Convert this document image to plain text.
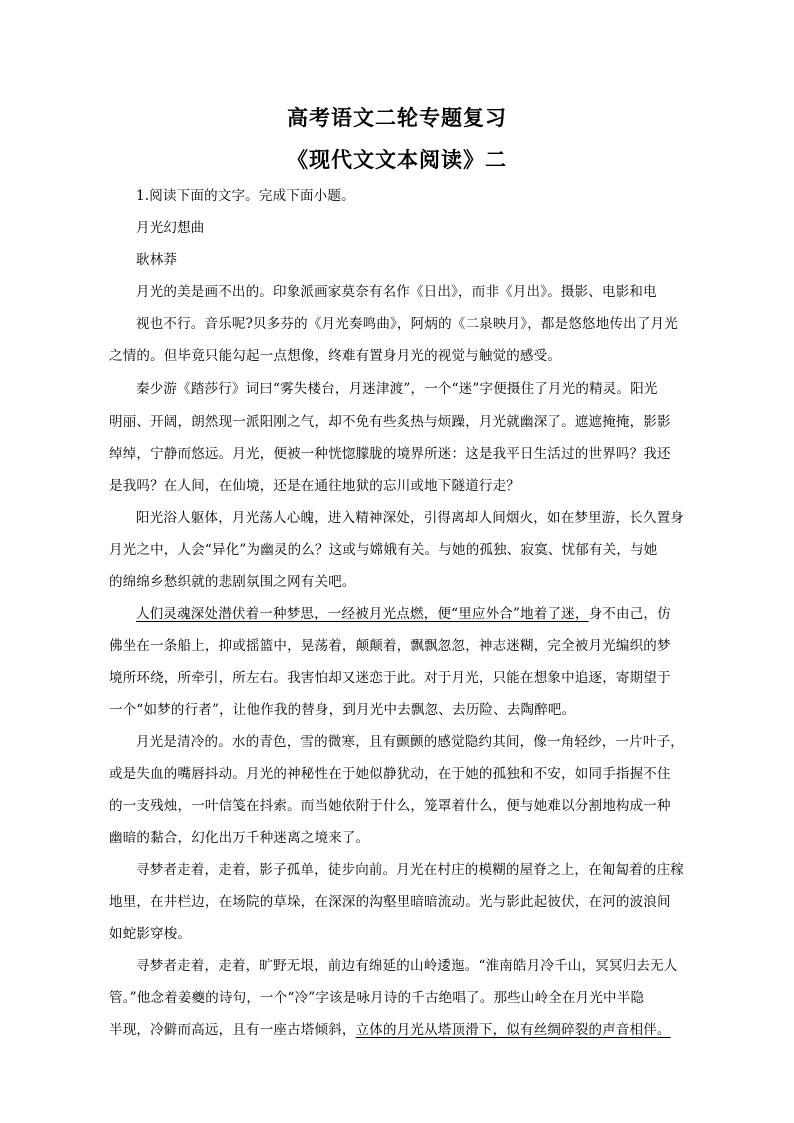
高考语文二轮专题复习
《现代文文本阅读》二
1.阅读下面的文字。完成下面小题。
月光幻想曲
耿林莽
月光的美是画不出的。印象派画家莫奈有名作《日出》，而非《月出》。摄影、电影和电
视也不行。音乐呢?贝多芬的《月光奏鸣曲》，阿炳的《二泉映月》，都是悠悠地传出了月光
之情的。但毕竟只能勾起一点想像，终难有置身月光的视觉与触觉的感受。
秦少游《踏莎行》词曰“雾失楼台，月迷津渡”，一个“迷”字便摄住了月光的精灵。阳光
明丽、开阔，朗然现一派阳刚之气，却不免有些炙热与烦躁，月光就幽深了。遮遮掩掩，影影
绰绰，宁静而悠远。月光，便被一种恍惚朦胧的境界所迷：这是我平日生活过的世界吗？我还
是我吗？在人间，在仙境，还是在通往地狱的忘川或地下隧道行走？
阳光浴人躯体，月光荡人心魄，进入精神深处，引得离却人间烟火，如在梦里游，长久置身
月光之中，人会“异化”为幽灵的么？这或与嫦娥有关。与她的孤独、寂寞、忧郁有关，与她
的绵绵乡愁织就的悲剧氛围之网有关吧。
人们灵魂深处潜伏着一种梦思，一经被月光点燃，便“里应外合”地着了迷，身不由己，仿
佛坐在一条船上，抑或摇篮中，晃荡着，颠颠着，飘飘忽忽，神志迷糊，完全被月光编织的梦
境所环绕，所牵引，所左右。我害怕却又迷恋于此。对于月光，只能在想象中追逐，寄期望于
一个“如梦的行者”，让他作我的替身，到月光中去飘忽、去历险、去陶醉吧。
月光是清冷的。水的青色，雪的微寒，且有颤颤的感觉隐约其间，像一角轻纱，一片叶子，
或是失血的嘴唇抖动。月光的神秘性在于她似静犹动，在于她的孤独和不安，如同手指握不住
的一支残烛，一叶信笺在抖索。而当她依附于什么，笼罩着什么，便与她难以分割地构成一种
幽暗的黏合，幻化出万千种迷离之境来了。
寻梦者走着，走着，影子孤单，徒步向前。月光在村庄的模糊的屋脊之上，在匍匐着的庄稼
地里，在井栏边，在场院的草垛，在深深的沟壑里暗暗流动。光与影此起彼伏，在河的波浪间
如蛇影穿梭。
寻梦者走着，走着，旷野无垠，前边有绵延的山岭逶迤。“淮南皓月冷千山，冥冥归去无人
管。”他念着姜夔的诗句，一个“冷”字该是咏月诗的千古绝唱了。那些山岭全在月光中半隐
半现，冷僻而高远，且有一座古塔倾斜，立体的月光从塔顶滑下，似有丝绸碎裂的声音相伴。
